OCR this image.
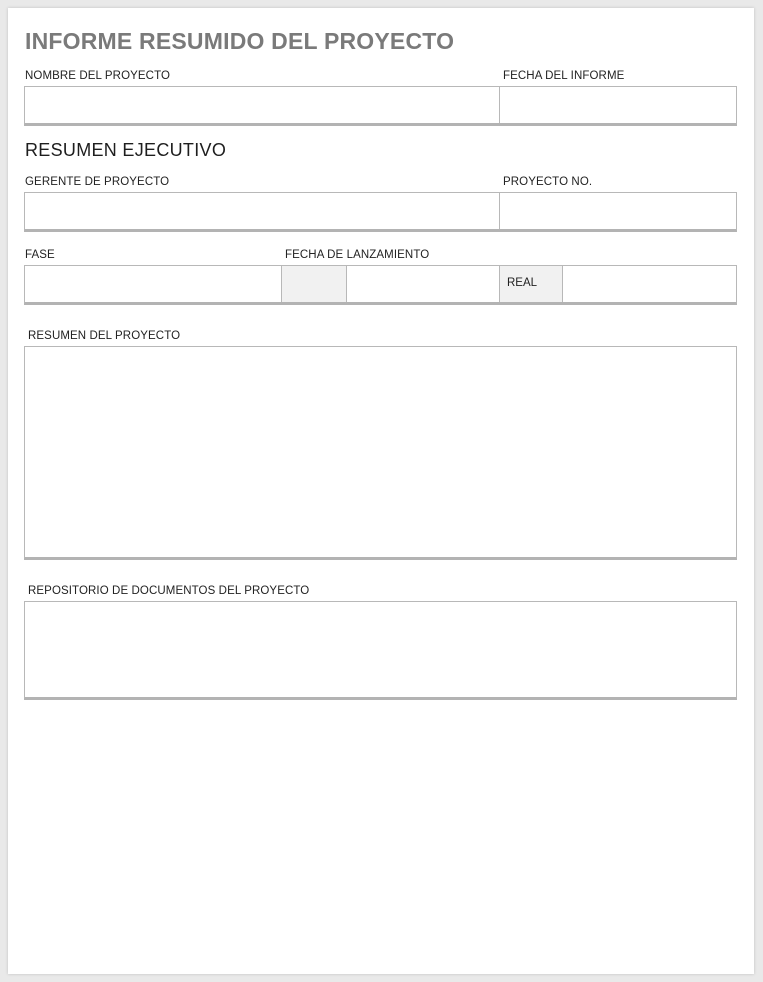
INFORME RESUMIDO DEL PROYECTO
NOMBRE DEL PROYECTO	FECHA DEL INFORME
RESUMEN EJECUTIVO
GERENTE DE PROYECTO	PROYECTO NO.
FASE	FECHA DE LANZAMIENTO
REAL
RESUMEN DEL PROYECTO
REPOSITORIO DE DOCUMENTOS DEL PROYECTO
